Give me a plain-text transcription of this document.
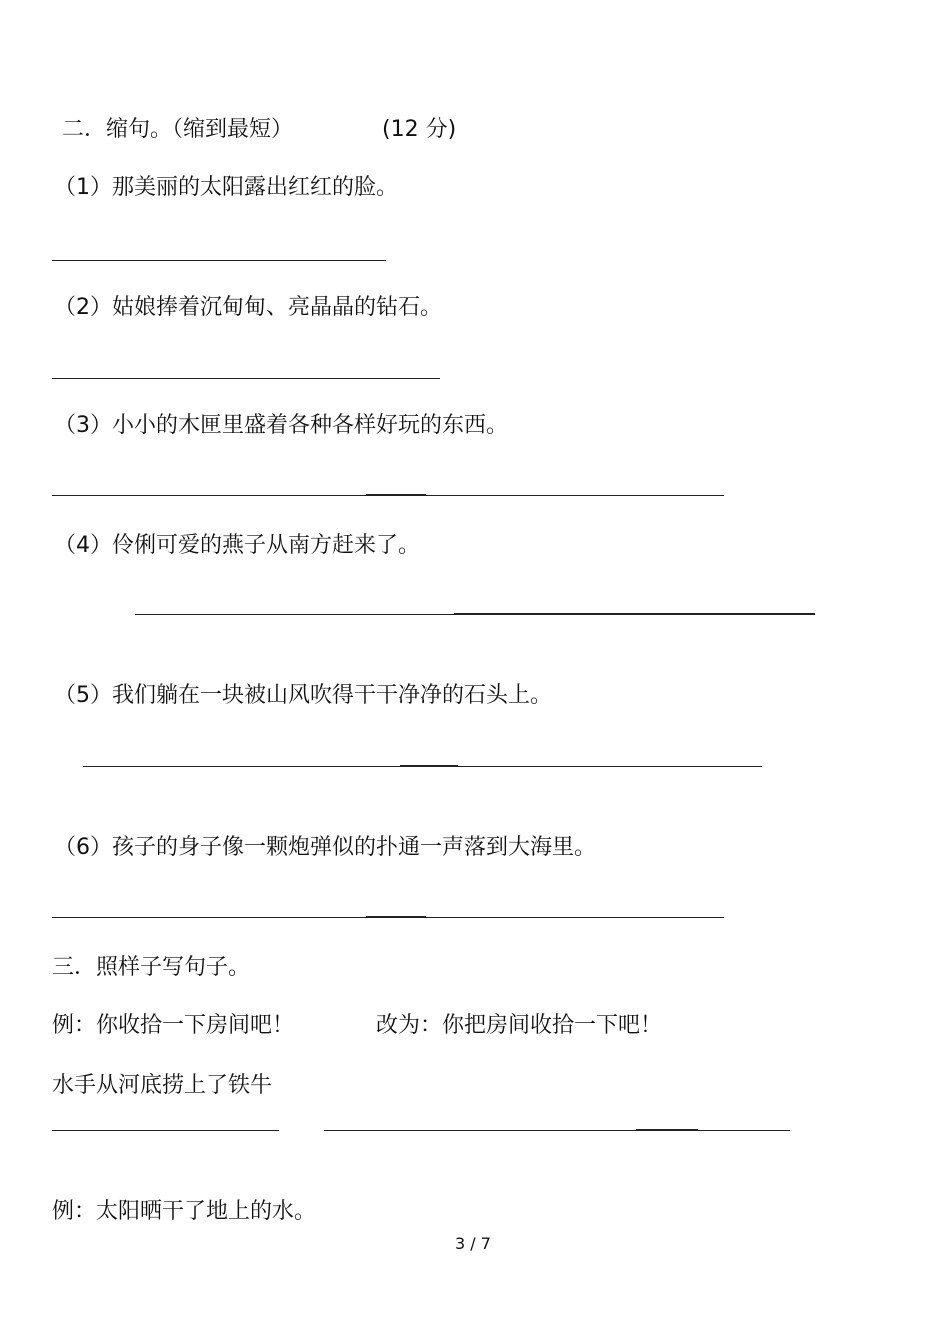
二．缩句。（缩到最短）	(12 分)
（1）那美丽的太阳露出红红的脸。
（2）姑娘捧着沉甸甸、亮晶晶的钻石。
（3）小小的木匣里盛着各种各样好玩的东西。
（4）伶俐可爱的燕子从南方赶来了。
（5）我们躺在一块被山风吹得干干净净的石头上。
（6）孩子的身子像一颗炮弹似的扑通一声落到大海里。
三．照样子写句子。
例：你收拾一下房间吧！	改为：你把房间收拾一下吧！
水手从河底捞上了铁牛
例：太阳晒干了地上的水。
3 / 7
